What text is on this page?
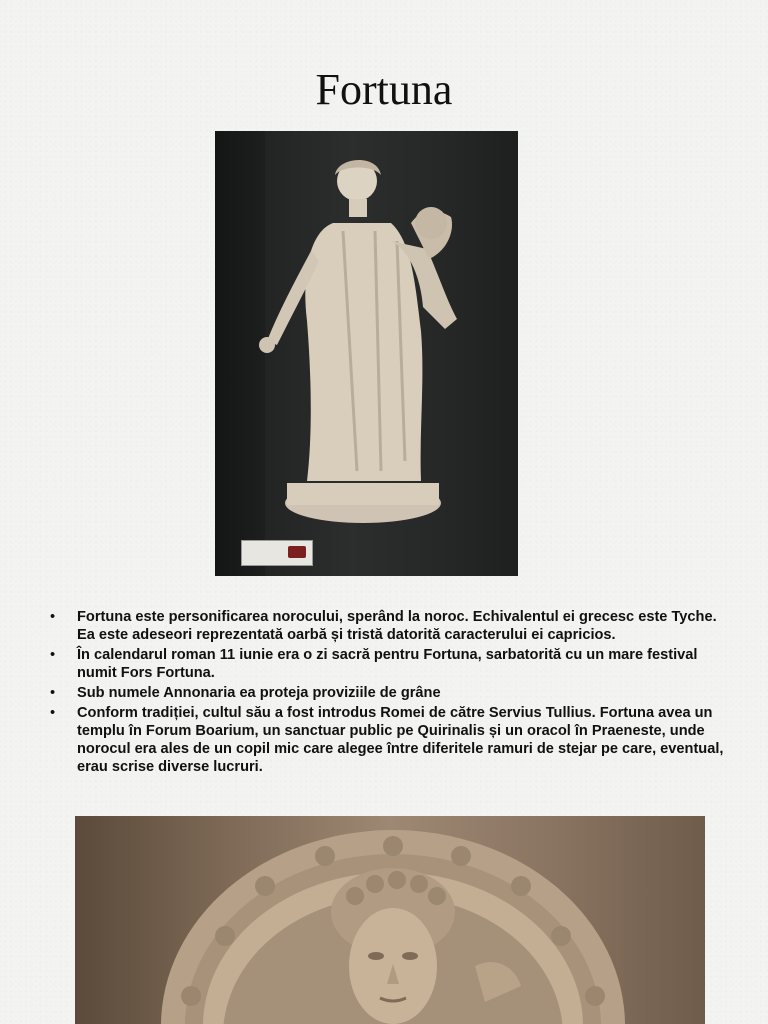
Fortuna
• Fortuna este personificarea norocului, sperând la noroc. Echivalentul ei grecesc este Tyche. Ea este adeseori reprezentată oarbă și tristă datorită caracterului ei capricios.
• În calendarul roman 11 iunie era o zi sacră pentru Fortuna, sarbatorită cu un mare festival numit Fors Fortuna.
• Sub numele Annonaria ea proteja proviziile de grâne
• Conform tradiției, cultul său a fost introdus Romei de către Servius Tullius. Fortuna avea un templu în Forum Boarium, un sanctuar public pe Quirinalis și un oracol în Praeneste, unde norocul era ales de un copil mic care alegee între diferitele ramuri de stejar pe care, eventual, erau scrise diverse lucruri.
